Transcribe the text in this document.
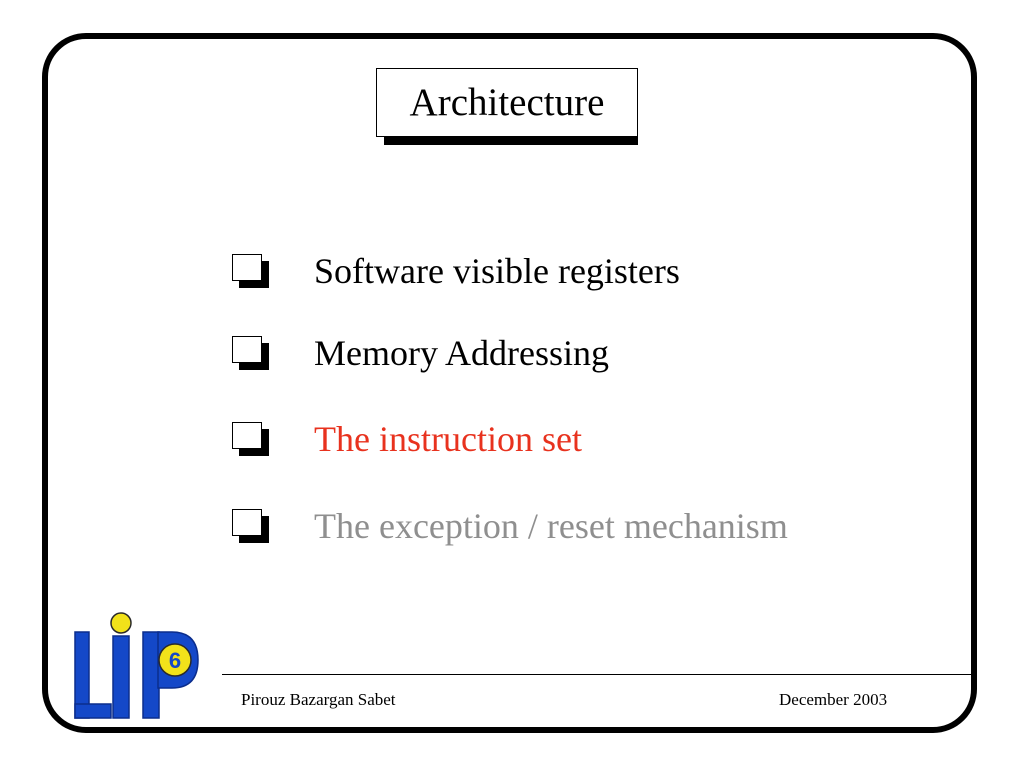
Architecture
Software visible registers
Memory Addressing
The instruction set
The exception / reset mechanism
Pirouz Bazargan Sabet	December 2003
6
